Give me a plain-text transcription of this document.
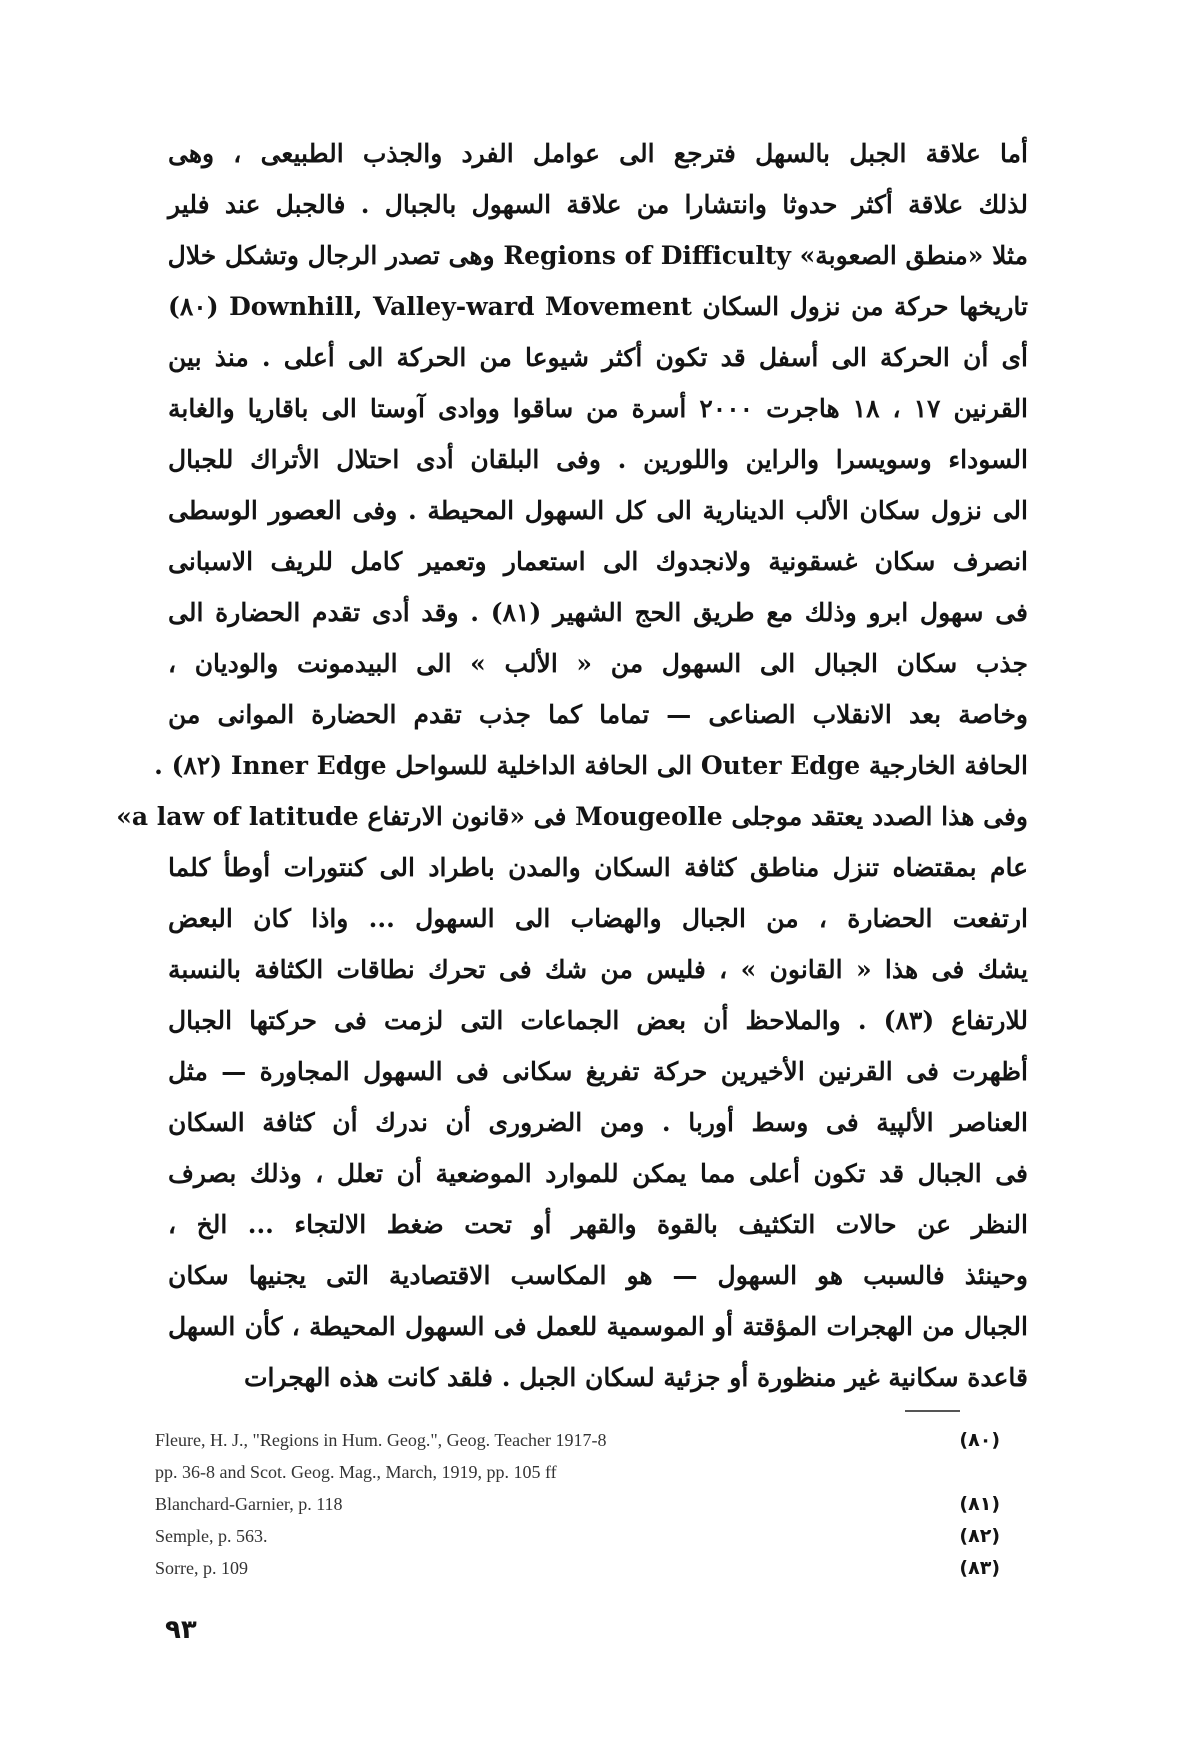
أما علاقة الجبل بالسهل فترجع الى عوامل الفرد والجذب الطبيعى ، وهى
لذلك علاقة أكثر حدوثا وانتشارا من علاقة السهول بالجبال . فالجبل عند فلير
مثلا «منطق الصعوبة» Regions of Difficulty وهى تصدر الرجال وتشكل خلال
تاريخها حركة من نزول السكان Downhill, Valley-ward Movement (٨٠)
أى أن الحركة الى أسفل قد تكون أكثر شيوعا من الحركة الى أعلى . منذ بين
القرنين ١٧ ، ١٨ هاجرت ٢٠٠٠ أسرة من ساقوا ووادى آوستا الى باقاريا والغابة
السوداء وسويسرا والراين واللورين . وفى البلقان أدى احتلال الأتراك للجبال
الى نزول سكان الألب الدينارية الى كل السهول المحيطة . وفى العصور الوسطى
انصرف سكان غسقونية ولانجدوك الى استعمار وتعمير كامل للريف الاسبانى
فى سهول ابرو وذلك مع طريق الحج الشهير (٨١) . وقد أدى تقدم الحضارة الى
جذب سكان الجبال الى السهول من « الألب » الى البيدمونت والوديان ،
وخاصة بعد الانقلاب الصناعى — تماما كما جذب تقدم الحضارة الموانى من
الحافة الخارجية Outer Edge الى الحافة الداخلية للسواحل Inner Edge (٨٢) .
وفى هذا الصدد يعتقد موجلى Mougeolle فى «قانون الارتفاع a law of latitude»
عام بمقتضاه تنزل مناطق كثافة السكان والمدن باطراد الى كنتورات أوطأ كلما
ارتفعت الحضارة ، من الجبال والهضاب الى السهول ... واذا كان البعض
يشك فى هذا « القانون » ، فليس من شك فى تحرك نطاقات الكثافة بالنسبة
للارتفاع (٨٣) . والملاحظ أن بعض الجماعات التى لزمت فى حركتها الجبال
أظهرت فى القرنين الأخيرين حركة تفريغ سكانى فى السهول المجاورة — مثل
العناصر الألپية فى وسط أوربا . ومن الضرورى أن ندرك أن كثافة السكان
فى الجبال قد تكون أعلى مما يمكن للموارد الموضعية أن تعلل ، وذلك بصرف
النظر عن حالات التكثيف بالقوة والقهر أو تحت ضغط الالتجاء ... الخ ،
وحينئذ فالسبب هو السهول — هو المكاسب الاقتصادية التى يجنيها سكان
الجبال من الهجرات المؤقتة أو الموسمية للعمل فى السهول المحيطة ، كأن السهل
قاعدة سكانية غير منظورة أو جزئية لسكان الجبل . فلقد كانت هذه الهجرات
Fleure, H. J., "Regions in Hum. Geog.", Geog. Teacher 1917-8	(٨٠)
pp. 36-8 and Scot. Geog. Mag., March, 1919, pp. 105 ff
Blanchard-Garnier, p. 118	(٨١)
Semple, p. 563.	(٨٢)
Sorre, p. 109	(٨٣)
٩٣
